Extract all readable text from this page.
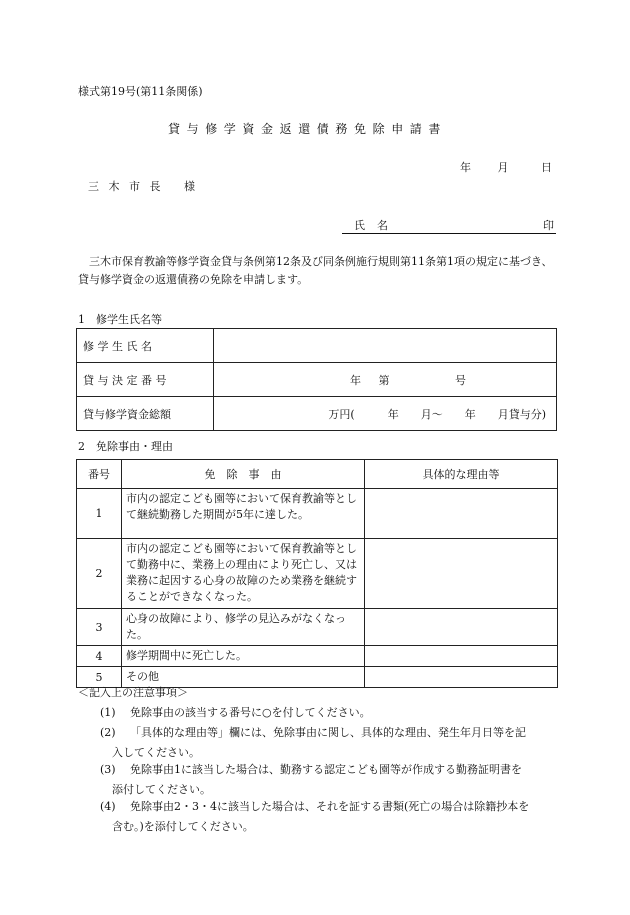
様式第19号(第11条関係)
貸与修学資金返還債務免除申請書
年 月	日
三 木 市 長　 様
氏名	印
三木市保育教諭等修学資金貸与条例第12条及び同条例施行規則第11条第1項の規定に基づき、貸与修学資金の返還債務の免除を申請します。
1　修学生氏名等
修 学 生 氏 名	
貸 与 決 定 番 号	年 第 号
貸与修学資金総額	万円(　　　年　　月～　　年　　月貸与分)
2　免除事由・理由
番号	免　除　事　由	具体的な理由等
1	市内の認定こども園等において保育教諭等として継続勤務した期間が5年に達した。	
2	市内の認定こども園等において保育教諭等として勤務中に、業務上の理由により死亡し、又は業務に起因する心身の故障のため業務を継続することができなくなった。	
3	心身の故障により、修学の見込みがなくなった。	
4	修学期間中に死亡した。	
5	その他	
＜記入上の注意事項＞
(1) 免除事由の該当する番号に○を付してください。
(2) 「具体的な理由等」欄には、免除事由に関し、具体的な理由、発生年月日等を記
入してください。
(3) 免除事由1に該当した場合は、勤務する認定こども園等が作成する勤務証明書を
添付してください。
(4) 免除事由2・3・4に該当した場合は、それを証する書類(死亡の場合は除籍抄本を
含む。)を添付してください。
